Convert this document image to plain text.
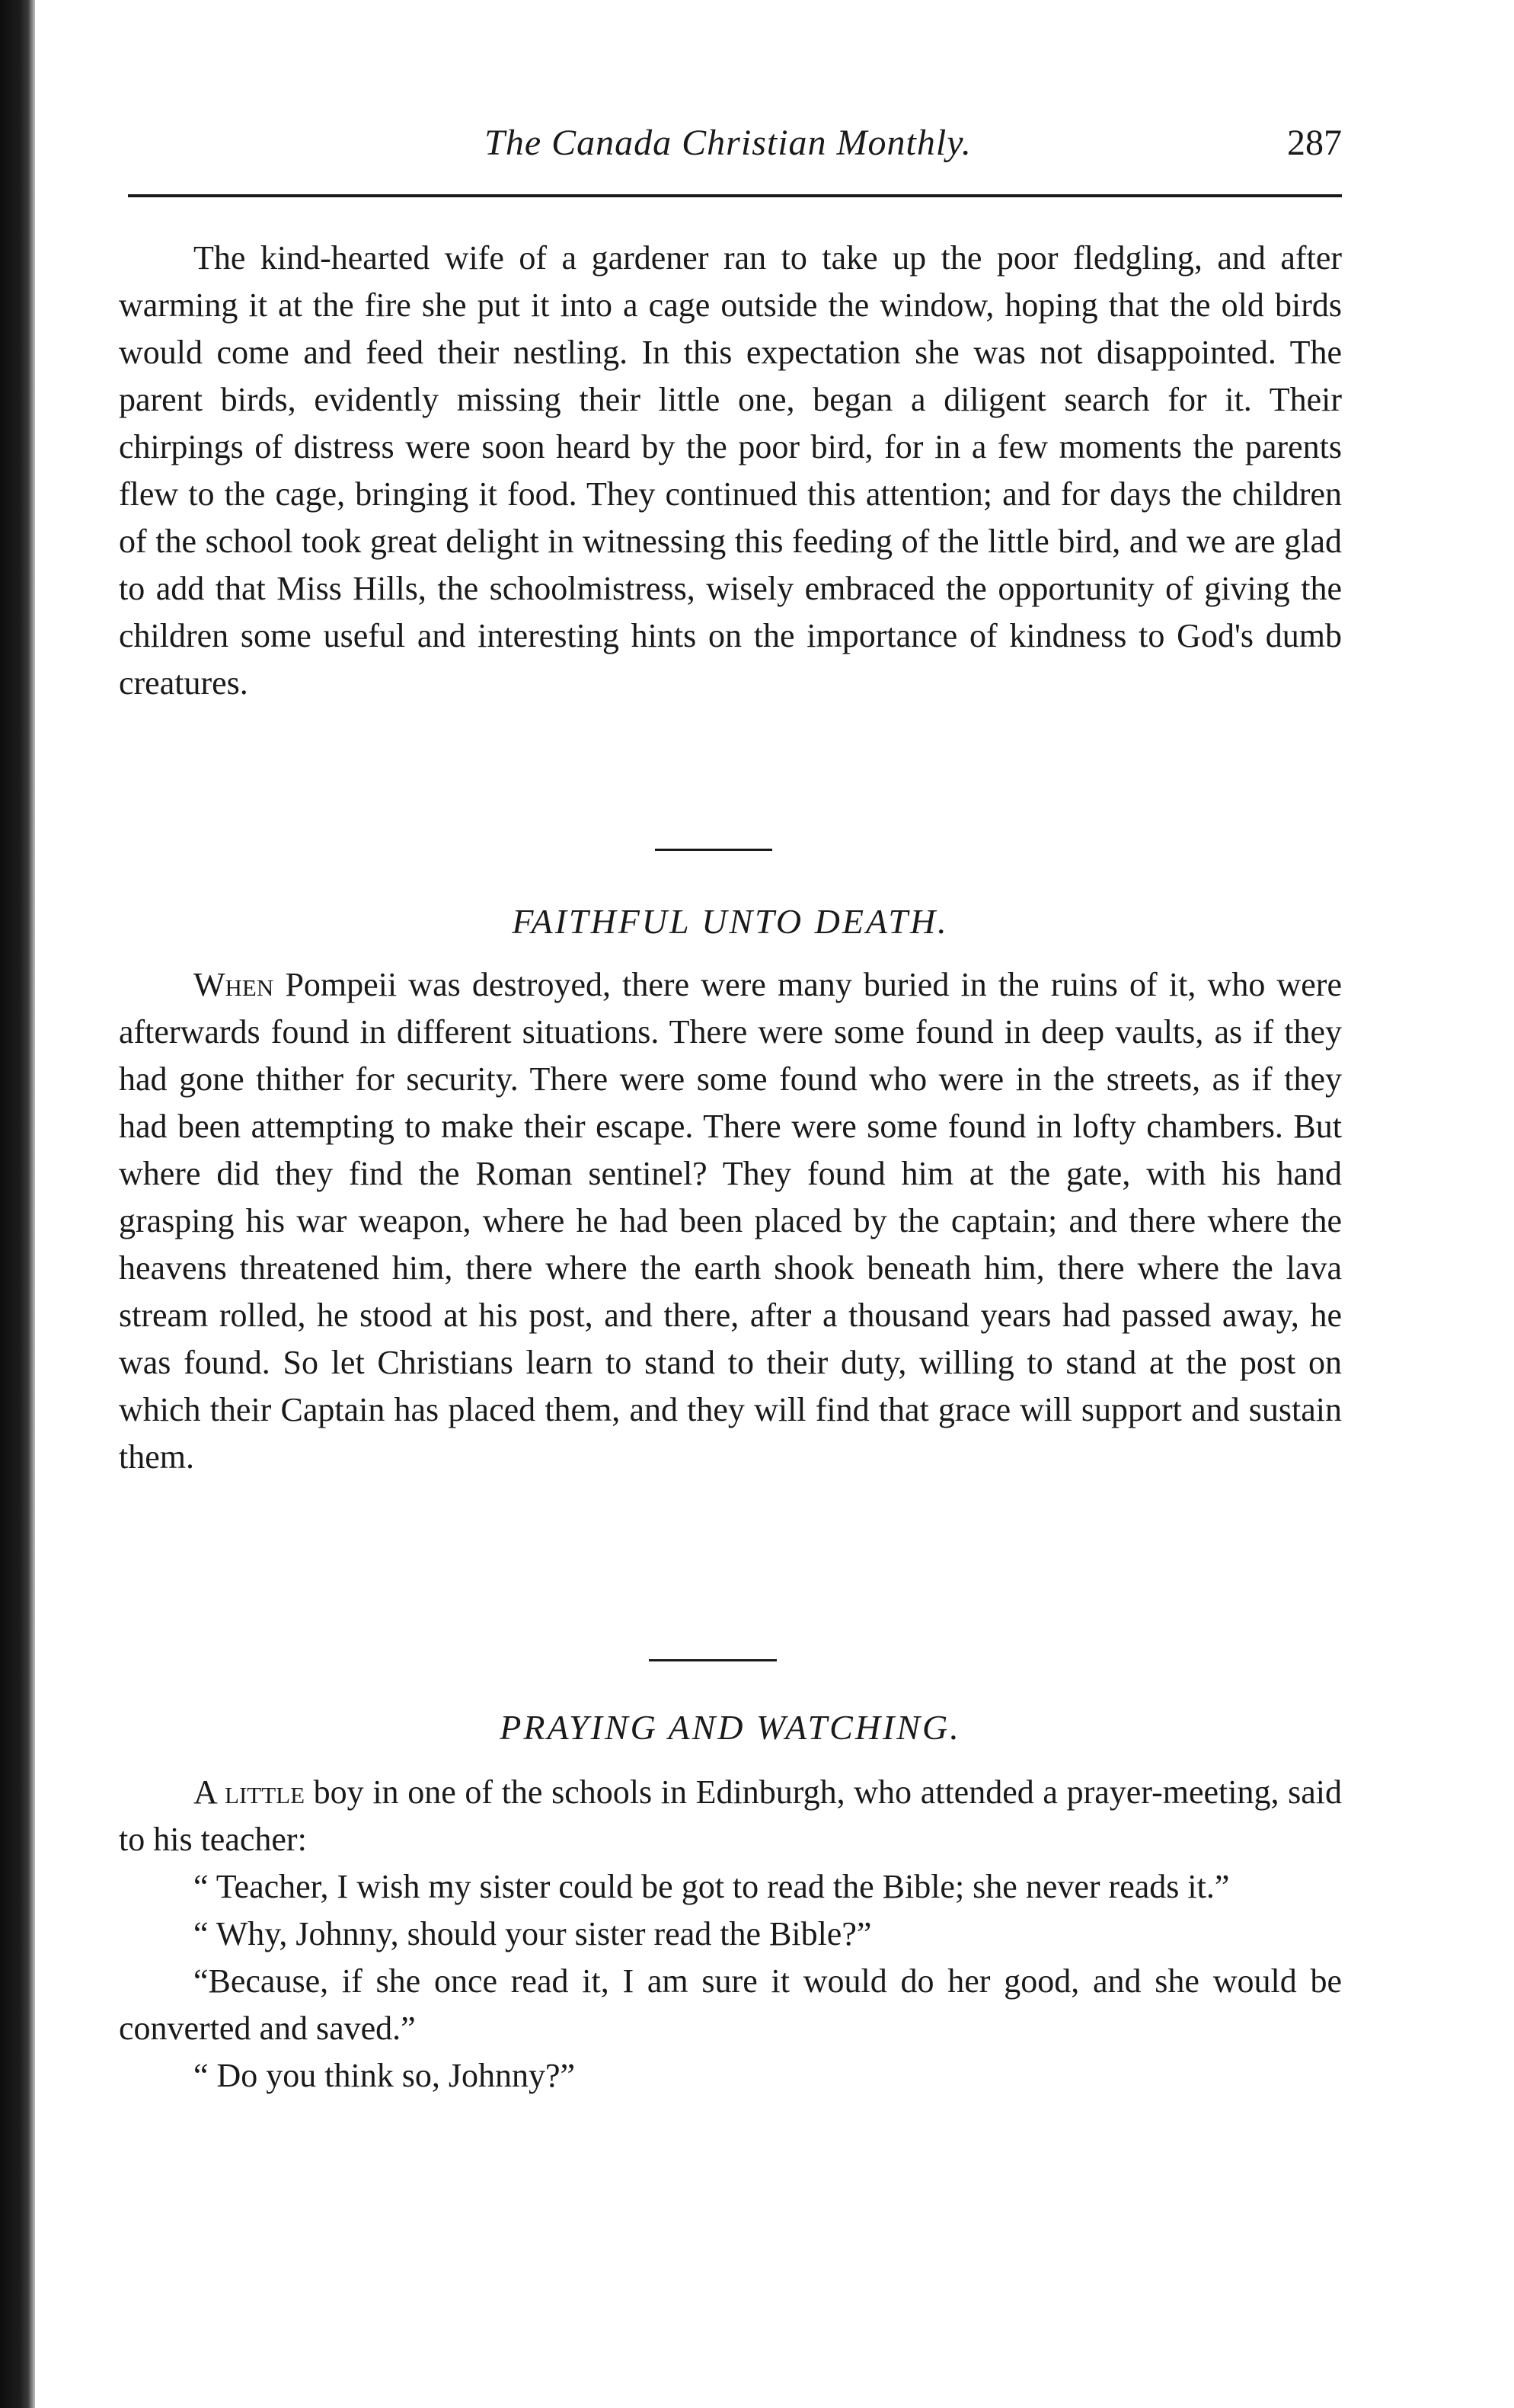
The Canada Christian Monthly.	287

The kind-hearted wife of a gardener ran to take up the poor fledgling, and after warming it at the fire she put it into a cage outside the window, hoping that the old birds would come and feed their nestling. In this expectation she was not disappointed. The parent birds, evidently missing their little one, began a diligent search for it. Their chirpings of distress were soon heard by the poor bird, for in a few moments the parents flew to the cage, bringing it food. They continued this attention; and for days the children of the school took great delight in witnessing this feeding of the little bird, and we are glad to add that Miss Hills, the schoolmistress, wisely embraced the opportunity of giving the children some useful and interesting hints on the importance of kindness to God's dumb creatures.

FAITHFUL UNTO DEATH.

When Pompeii was destroyed, there were many buried in the ruins of it, who were afterwards found in different situations. There were some found in deep vaults, as if they had gone thither for security. There were some found who were in the streets, as if they had been attempting to make their escape. There were some found in lofty chambers. But where did they find the Roman sentinel? They found him at the gate, with his hand grasping his war weapon, where he had been placed by the captain; and there where the heavens threatened him, there where the earth shook beneath him, there where the lava stream rolled, he stood at his post, and there, after a thousand years had passed away, he was found. So let Christians learn to stand to their duty, willing to stand at the post on which their Captain has placed them, and they will find that grace will support and sustain them.

PRAYING AND WATCHING.

A little boy in one of the schools in Edinburgh, who attended a prayer-meeting, said to his teacher:

“ Teacher, I wish my sister could be got to read the Bible; she never reads it.”

“ Why, Johnny, should your sister read the Bible?”

“Because, if she once read it, I am sure it would do her good, and she would be converted and saved.”

“ Do you think so, Johnny?”
